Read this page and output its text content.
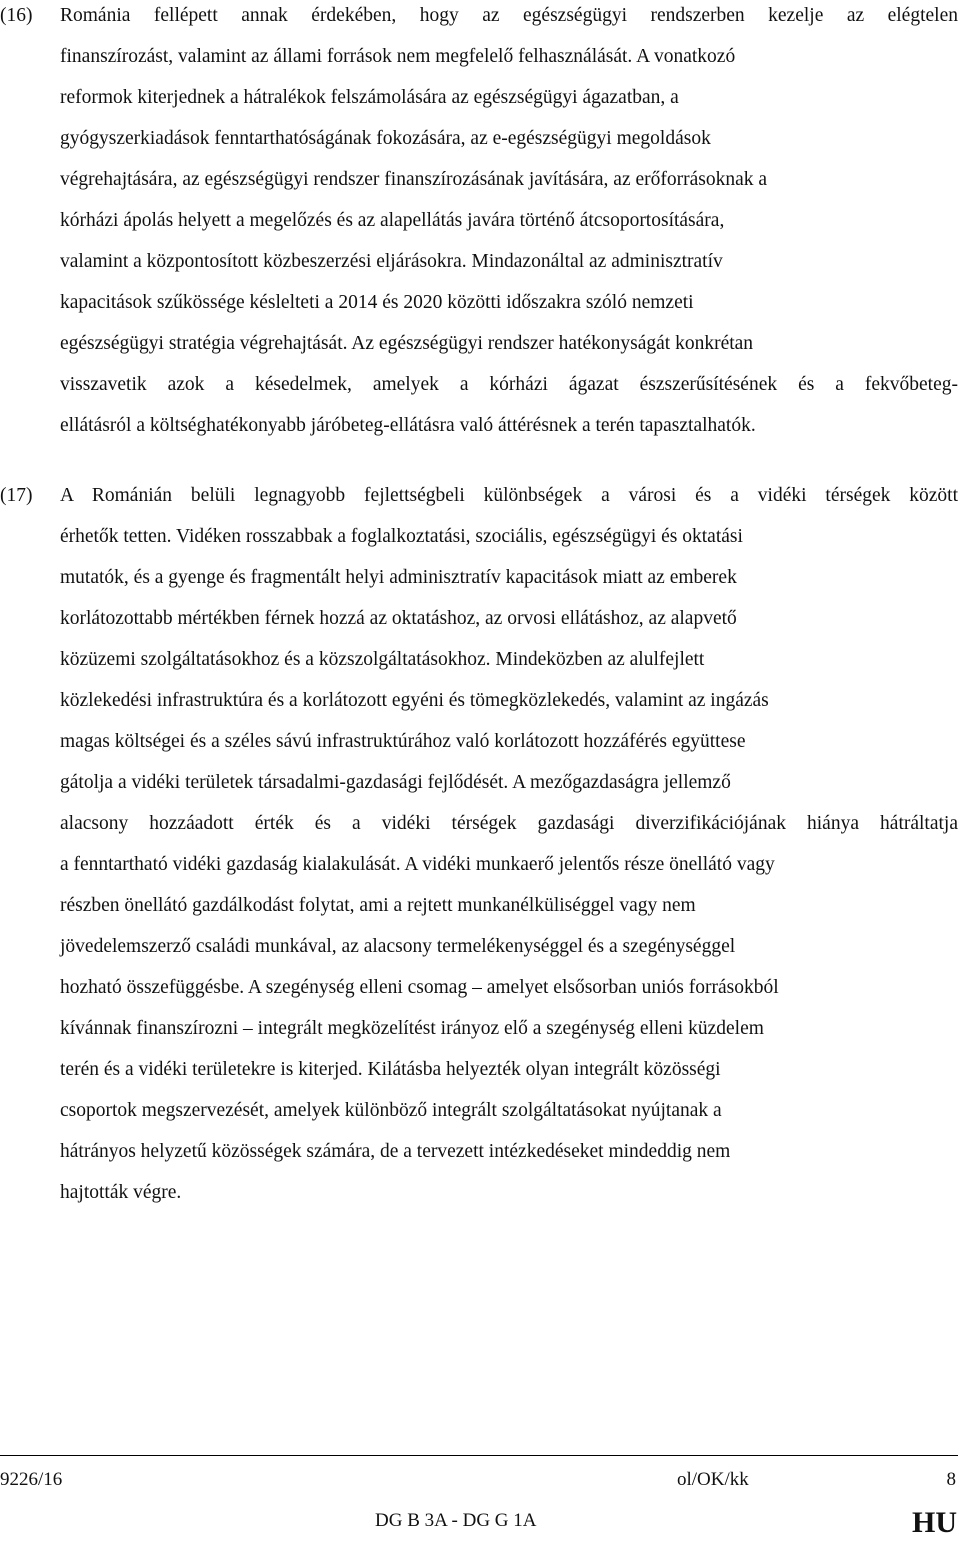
(16) Románia fellépett annak érdekében, hogy az egészségügyi rendszerben kezelje az elégtelen
finanszírozást, valamint az állami források nem megfelelő felhasználását. A vonatkozó
reformok kiterjednek a hátralékok felszámolására az egészségügyi ágazatban, a
gyógyszerkiadások fenntarthatóságának fokozására, az e-egészségügyi megoldások
végrehajtására, az egészségügyi rendszer finanszírozásának javítására, az erőforrásoknak a
kórházi ápolás helyett a megelőzés és az alapellátás javára történő átcsoportosítására,
valamint a központosított közbeszerzési eljárásokra. Mindazonáltal az adminisztratív
kapacitások szűkössége késlelteti a 2014 és 2020 közötti időszakra szóló nemzeti
egészségügyi stratégia végrehajtását. Az egészségügyi rendszer hatékonyságát konkrétan
visszavetik azok a késedelmek, amelyek a kórházi ágazat észszerűsítésének és a fekvőbeteg-
ellátásról a költséghatékonyabb járóbeteg-ellátásra való áttérésnek a terén tapasztalhatók.
(17) A Románián belüli legnagyobb fejlettségbeli különbségek a városi és a vidéki térségek között
érhetők tetten. Vidéken rosszabbak a foglalkoztatási, szociális, egészségügyi és oktatási
mutatók, és a gyenge és fragmentált helyi adminisztratív kapacitások miatt az emberek
korlátozottabb mértékben férnek hozzá az oktatáshoz, az orvosi ellátáshoz, az alapvető
közüzemi szolgáltatásokhoz és a közszolgáltatásokhoz. Mindeközben az alulfejlett
közlekedési infrastruktúra és a korlátozott egyéni és tömegközlekedés, valamint az ingázás
magas költségei és a széles sávú infrastruktúrához való korlátozott hozzáférés együttese
gátolja a vidéki területek társadalmi-gazdasági fejlődését. A mezőgazdaságra jellemző
alacsony hozzáadott érték és a vidéki térségek gazdasági diverzifikációjának hiánya hátráltatja
a fenntartható vidéki gazdaság kialakulását. A vidéki munkaerő jelentős része önellátó vagy
részben önellátó gazdálkodást folytat, ami a rejtett munkanélküliséggel vagy nem
jövedelemszerző családi munkával, az alacsony termelékenységgel és a szegénységgel
hozható összefüggésbe. A szegénység elleni csomag – amelyet elsősorban uniós forrásokból
kívánnak finanszírozni – integrált megközelítést irányoz elő a szegénység elleni küzdelem
terén és a vidéki területekre is kiterjed. Kilátásba helyezték olyan integrált közösségi
csoportok megszervezését, amelyek különböző integrált szolgáltatásokat nyújtanak a
hátrányos helyzetű közösségek számára, de a tervezett intézkedéseket mindeddig nem
hajtották végre.
9226/16	ol/OK/kk	8
DG B 3A - DG G 1A	HU
